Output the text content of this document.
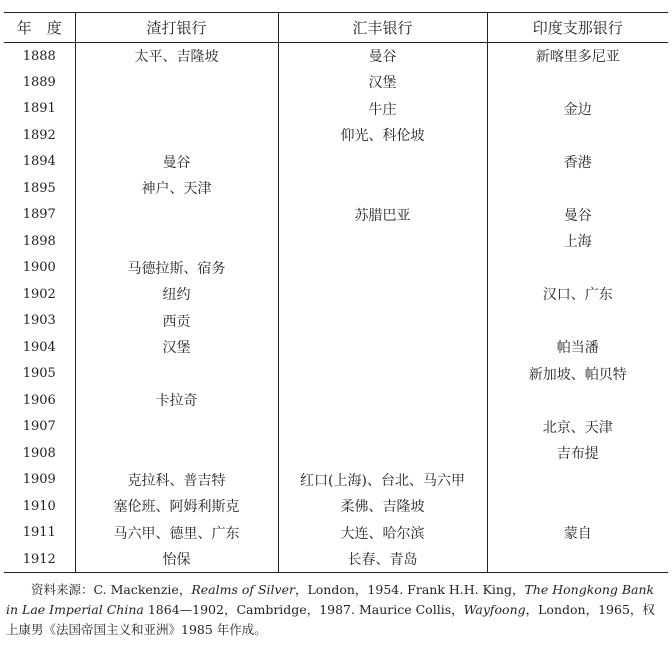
年　度	渣打银行	汇丰银行	印度支那银行
1888	太平、吉隆坡	曼谷	新喀里多尼亚
1889		汉堡	
1891		牛庄	金边
1892		仰光、科伦坡	
1894	曼谷		香港
1895	神户、天津		
1897		苏腊巴亚	曼谷
1898			上海
1900	马德拉斯、宿务		
1902	纽约		汉口、广东
1903	西贡		
1904	汉堡		帕当潘
1905			新加坡、帕贝特
1906	卡拉奇		
1907			北京、天津
1908			吉布提
1909	克拉科、普吉特	红口(上海)、台北、马六甲	
1910	塞伦班、阿姆利斯克	柔佛、吉隆坡	
1911	马六甲、德里、广东	大连、哈尔滨	蒙自
1912	怡保	长春、青岛	
资料来源：C. Mackenzie，Realms of Silver，London，1954. Frank H.H. King，The Hongkong Bank in Lae Imperial China 1864—1902，Cambridge，1987. Maurice Collis，Wayfoong，London，1965，权上康男《法国帝国主义和亚洲》1985 年作成。
